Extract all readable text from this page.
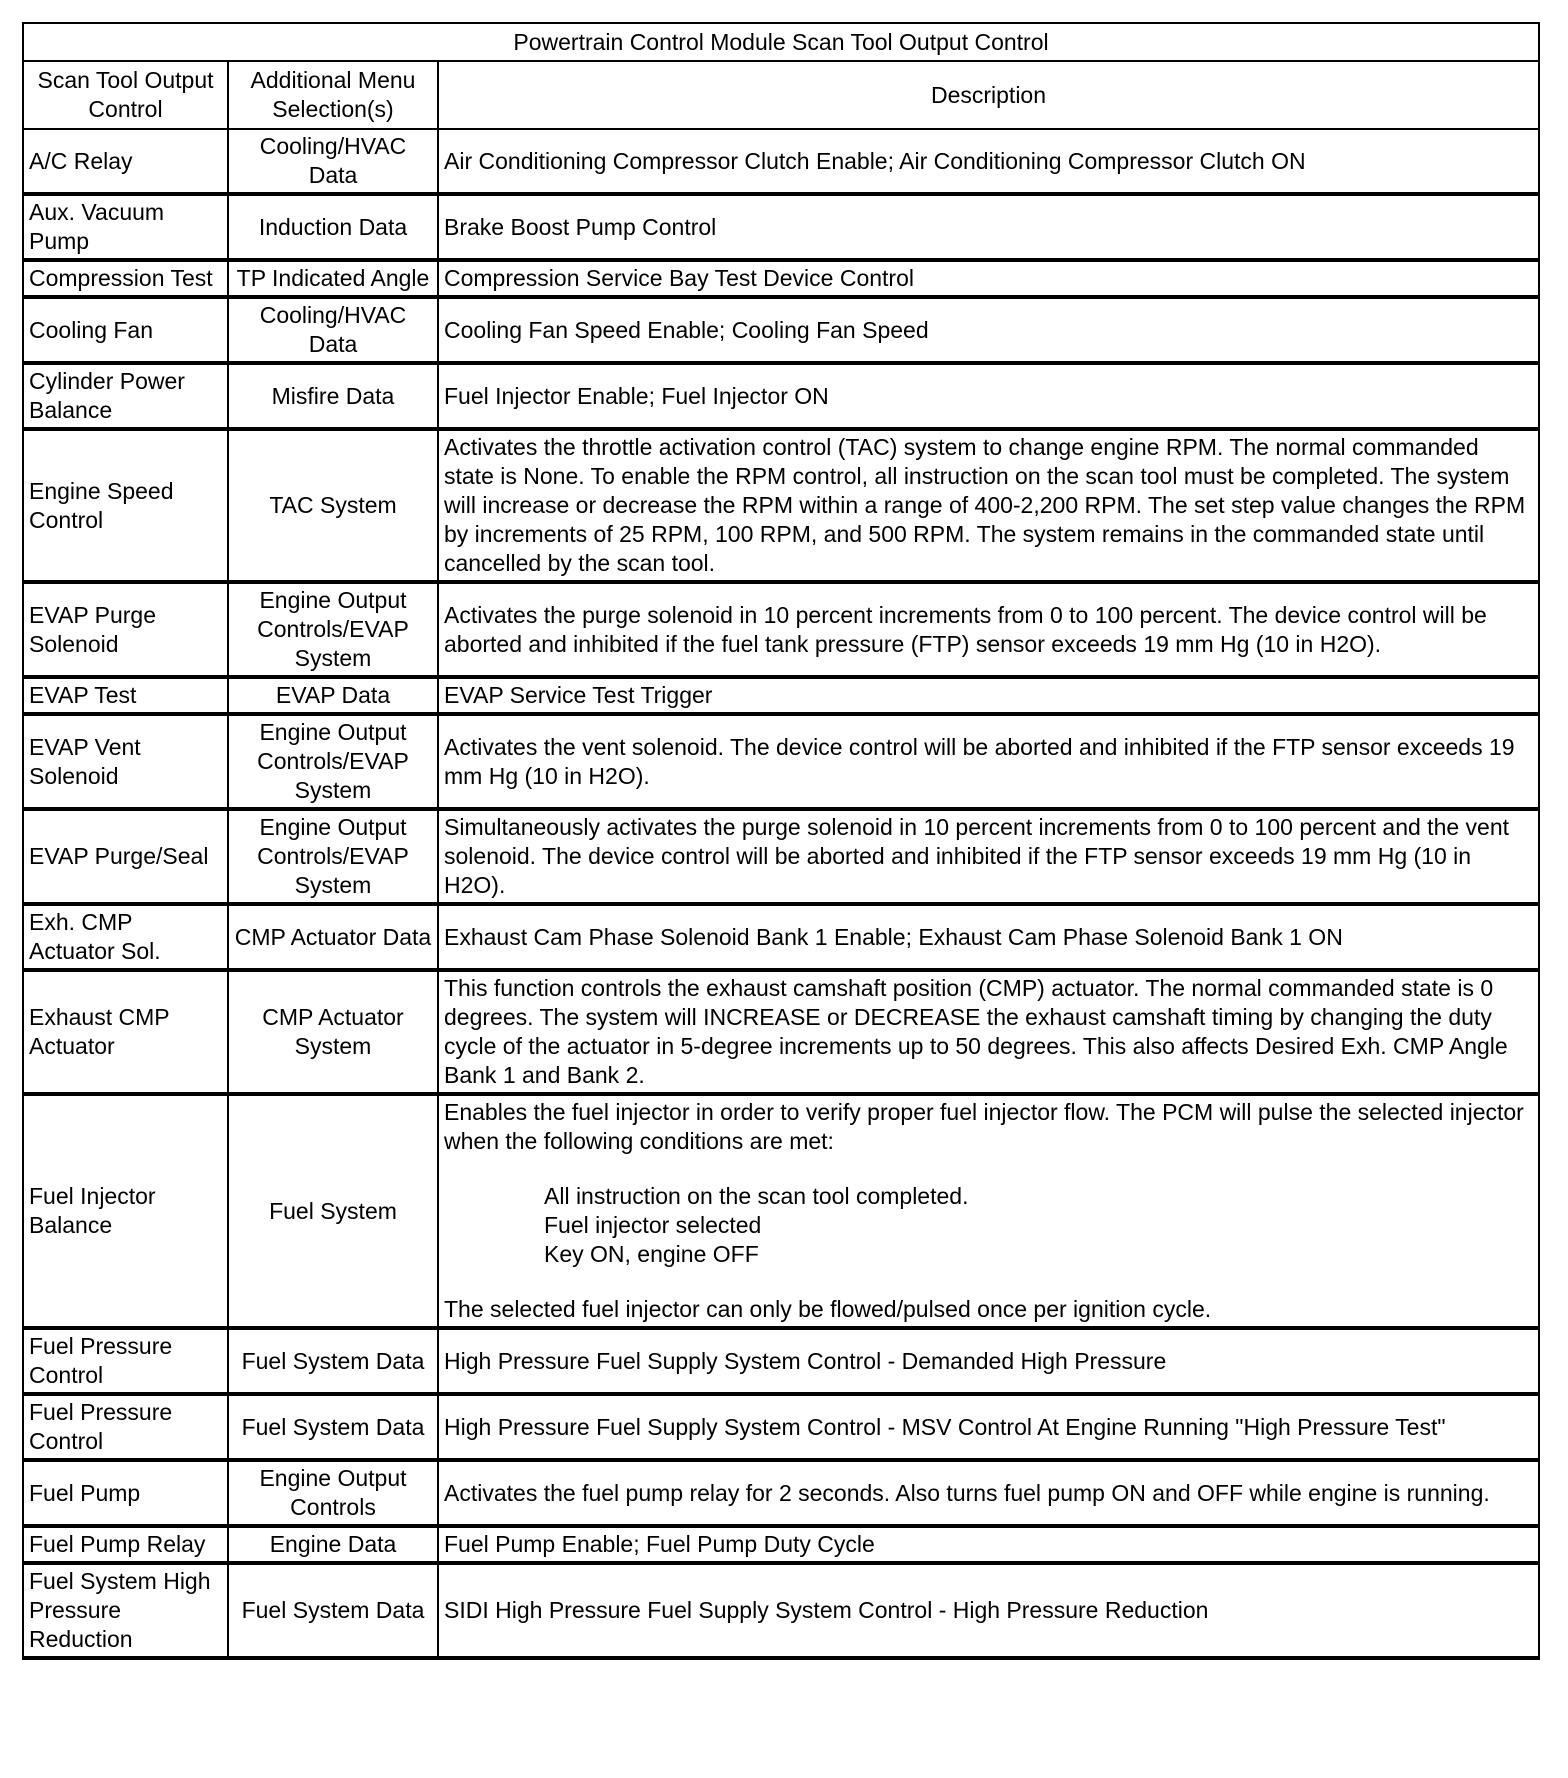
Powertrain Control Module Scan Tool Output Control		
Scan Tool Output Control	Additional Menu Selection(s)	Description
A/C Relay	Cooling/HVAC Data	Air Conditioning Compressor Clutch Enable; Air Conditioning Compressor Clutch ON
Aux. Vacuum Pump	Induction Data	Brake Boost Pump Control
Compression Test	TP Indicated Angle	Compression Service Bay Test Device Control
Cooling Fan	Cooling/HVAC Data	Cooling Fan Speed Enable; Cooling Fan Speed
Cylinder Power Balance	Misfire Data	Fuel Injector Enable; Fuel Injector ON
Engine Speed Control	TAC System	Activates the throttle activation control (TAC) system to change engine RPM. The normal commanded state is None. To enable the RPM control, all instruction on the scan tool must be completed. The system will increase or decrease the RPM within a range of 400-2,200 RPM. The set step value changes the RPM by increments of 25 RPM, 100 RPM, and 500 RPM. The system remains in the commanded state until cancelled by the scan tool.
EVAP Purge Solenoid	Engine Output Controls/EVAP System	Activates the purge solenoid in 10 percent increments from 0 to 100 percent. The device control will be aborted and inhibited if the fuel tank pressure (FTP) sensor exceeds 19 mm Hg (10 in H2O).
EVAP Test	EVAP Data	EVAP Service Test Trigger
EVAP Vent Solenoid	Engine Output Controls/EVAP System	Activates the vent solenoid. The device control will be aborted and inhibited if the FTP sensor exceeds 19 mm Hg (10 in H2O).
EVAP Purge/Seal	Engine Output Controls/EVAP System	Simultaneously activates the purge solenoid in 10 percent increments from 0 to 100 percent and the vent solenoid. The device control will be aborted and inhibited if the FTP sensor exceeds 19 mm Hg (10 in H2O).
Exh. CMP Actuator Sol.	CMP Actuator Data	Exhaust Cam Phase Solenoid Bank 1 Enable; Exhaust Cam Phase Solenoid Bank 1 ON
Exhaust CMP Actuator	CMP Actuator System	This function controls the exhaust camshaft position (CMP) actuator. The normal commanded state is 0 degrees. The system will INCREASE or DECREASE the exhaust camshaft timing by changing the duty cycle of the actuator in 5-degree increments up to 50 degrees. This also affects Desired Exh. CMP Angle Bank 1 and Bank 2.
Fuel Injector Balance	Fuel System	Enables the fuel injector in order to verify proper fuel injector flow. The PCM will pulse the selected injector when the following conditions are met:
All instruction on the scan tool completed.
Fuel injector selected
Key ON, engine OFF
The selected fuel injector can only be flowed/pulsed once per ignition cycle.

Fuel Pressure Control	Fuel System Data	High Pressure Fuel Supply System Control - Demanded High Pressure
Fuel Pressure Control	Fuel System Data	High Pressure Fuel Supply System Control - MSV Control At Engine Running "High Pressure Test"
Fuel Pump	Engine Output Controls	Activates the fuel pump relay for 2 seconds. Also turns fuel pump ON and OFF while engine is running.
Fuel Pump Relay	Engine Data	Fuel Pump Enable; Fuel Pump Duty Cycle
Fuel System High Pressure Reduction	Fuel System Data	SIDI High Pressure Fuel Supply System Control - High Pressure Reduction
